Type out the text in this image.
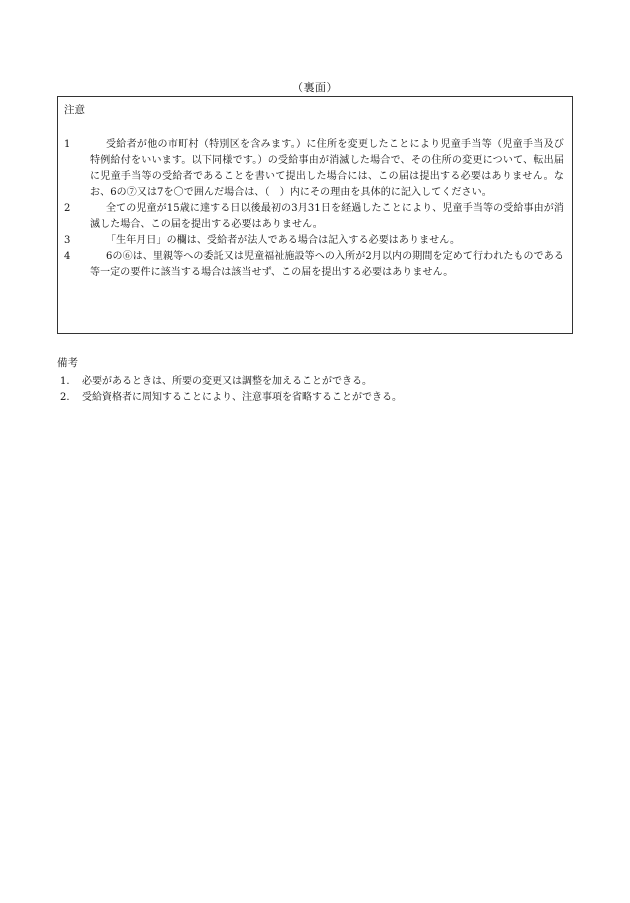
（裏面）
注意
1	受給者が他の市町村（特別区を含みます。）に住所を変更したことにより児童手当等（児童手当及び特例給付をいいます。以下同様です。）の受給事由が消滅した場合で、その住所の変更について、転出届に児童手当等の受給者であることを書いて提出した場合には、この届は提出する必要はありません。なお、6の⑦又は7を〇で囲んだ場合は、（　）内にその理由を具体的に記入してください。
2	全ての児童が15歳に達する日以後最初の3月31日を経過したことにより、児童手当等の受給事由が消滅した場合、この届を提出する必要はありません。
3	「生年月日」の欄は、受給者が法人である場合は記入する必要はありません。
4	6の⑥は、里親等への委託又は児童福祉施設等への入所が2月以内の期間を定めて行われたものである等一定の要件に該当する場合は該当せず、この届を提出する必要はありません。
備考
1. 必要があるときは、所要の変更又は調整を加えることができる。
2. 受給資格者に周知することにより、注意事項を省略することができる。
